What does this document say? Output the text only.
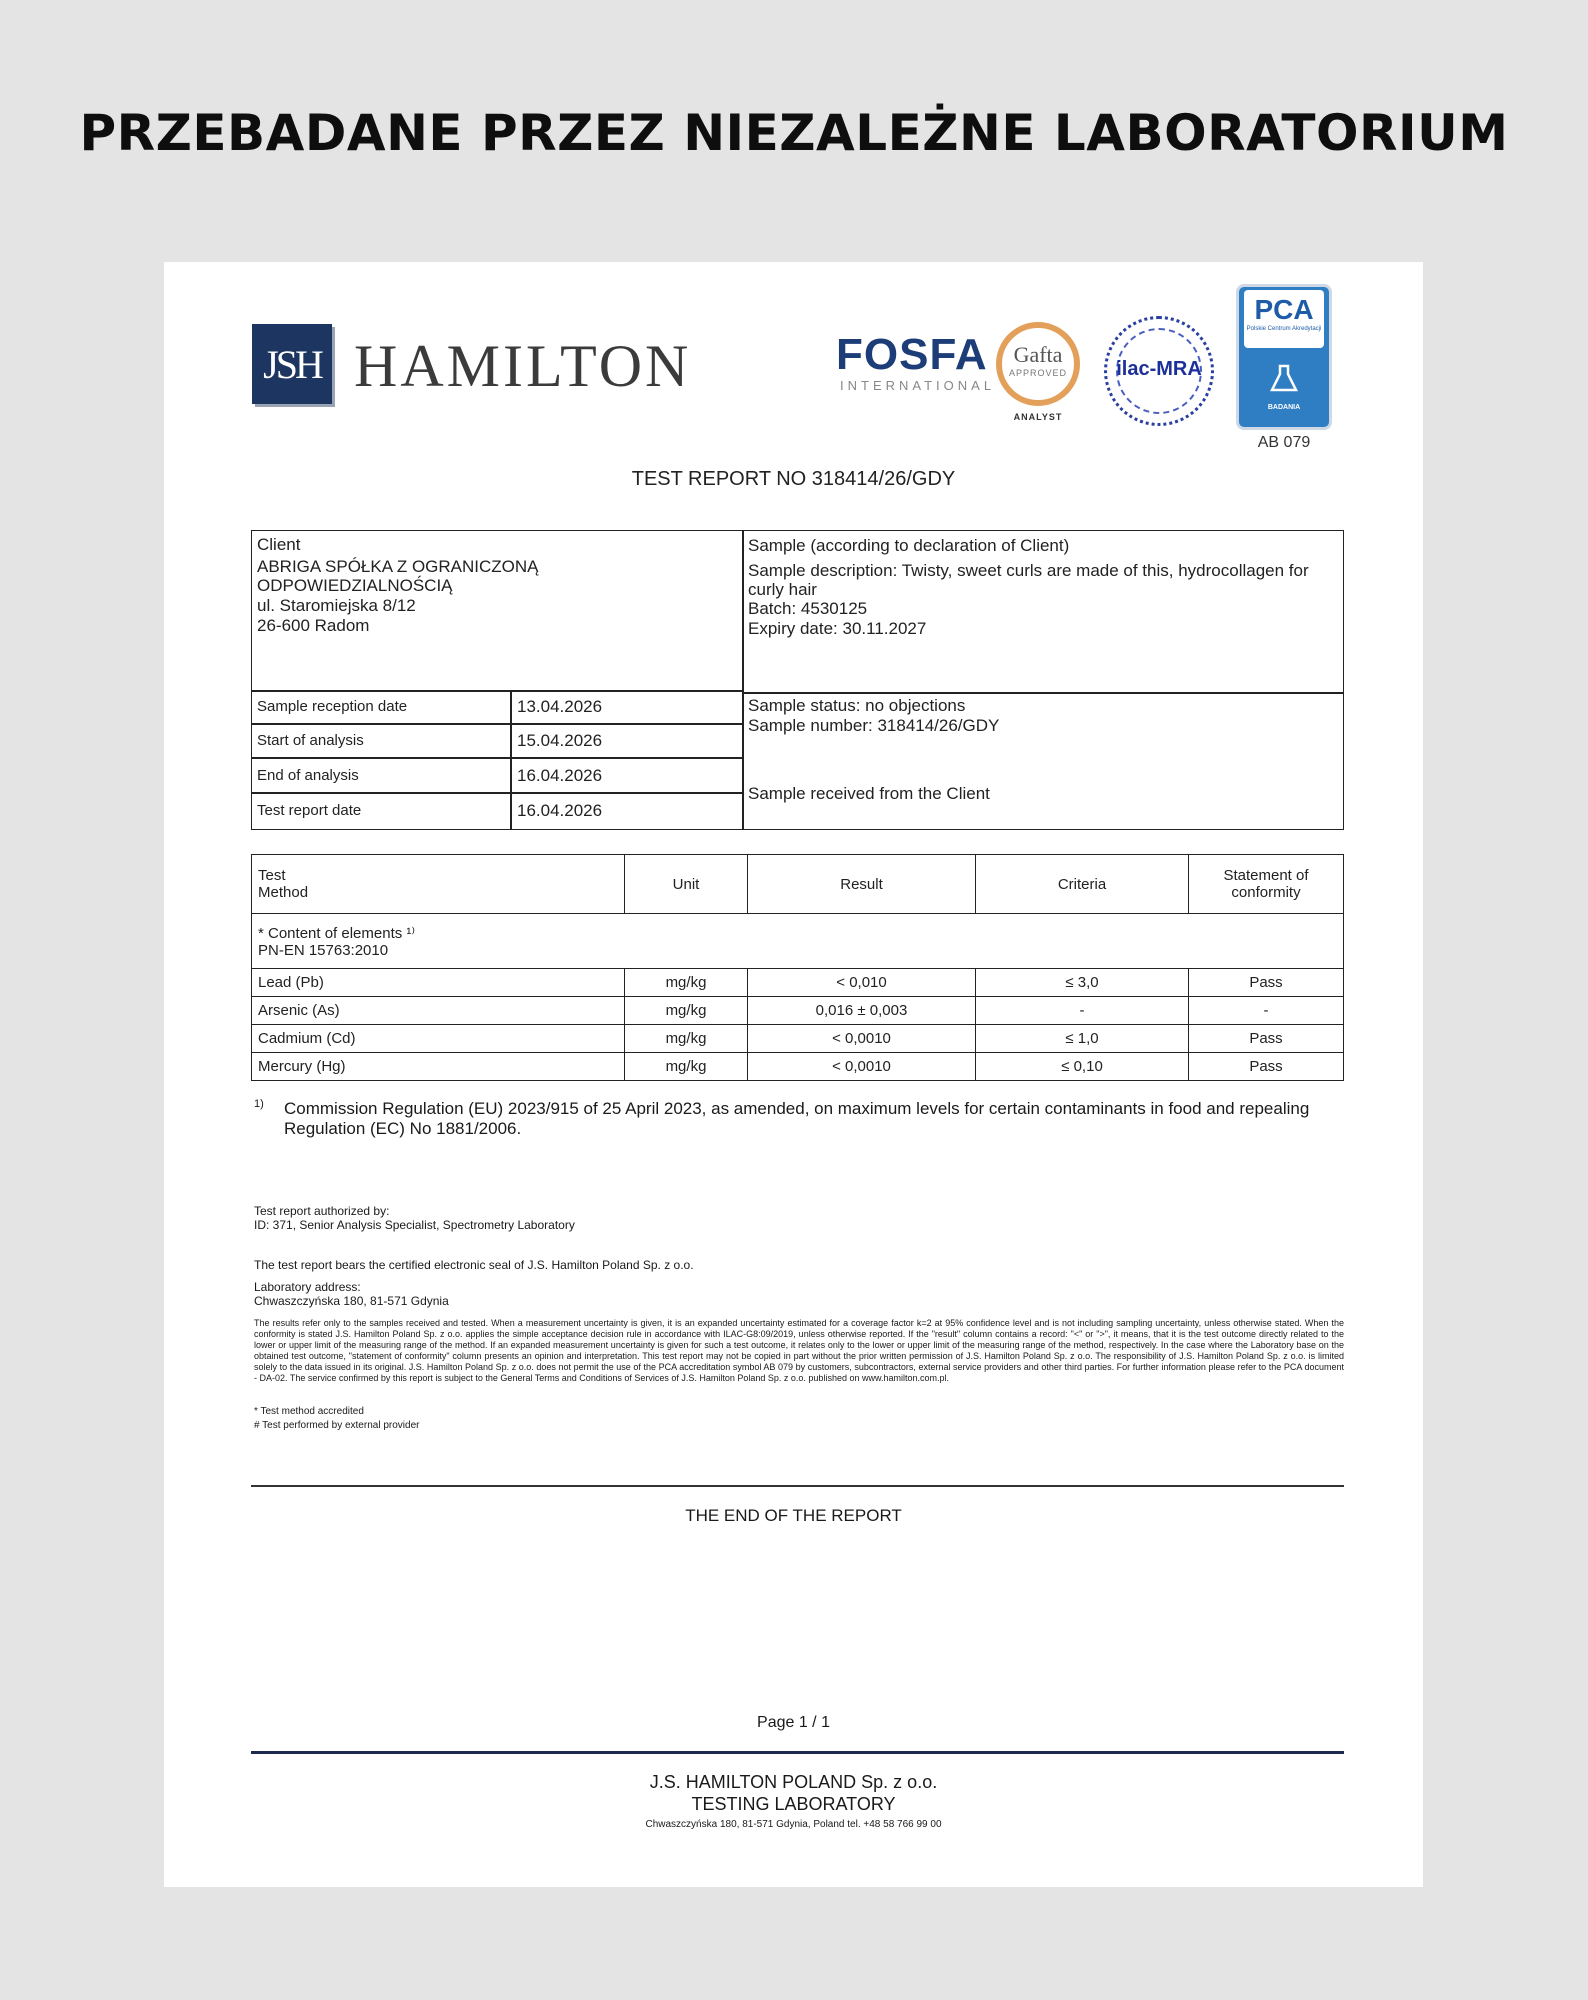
PRZEBADANE PRZEZ NIEZALEŻNE LABORATORIUM
JSH HAMILTON	FOSFA
INTERNATIONAL
Gafta
APPROVED
ANALYST
ilac-MRA
PCA
Polskie Centrum Akredytacji
BADANIA
AB 079
TEST REPORT NO 318414/26/GDY
Client
ABRIGA SPÓŁKA Z OGRANICZONĄ
ODPOWIEDZIALNOŚCIĄ
ul. Staromiejska 8/12
26-600 Radom
Sample (according to declaration of Client)
Sample description: Twisty, sweet curls are made of this, hydrocollagen for
curly hair
Batch: 4530125
Expiry date: 30.11.2027
Sample status: no objections
Sample number: 318414/26/GDY
Sample received from the Client
Sample reception date	13.04.2026
Start of analysis	15.04.2026
End of analysis	16.04.2026
Test report date	16.04.2026
Test
Method	Unit	Result	Criteria	Statement of
conformity
* Content of elements ¹⁾
PN-EN 15763:2010				
Lead (Pb)	mg/kg	< 0,010	≤ 3,0	Pass
Arsenic (As)	mg/kg	0,016 ± 0,003	-	-
Cadmium (Cd)	mg/kg	< 0,0010	≤ 1,0	Pass
Mercury (Hg)	mg/kg	< 0,0010	≤ 0,10	Pass
1) Commission Regulation (EU) 2023/915 of 25 April 2023, as amended, on maximum levels for certain contaminants in food and repealing Regulation (EC) No 1881/2006.
Test report authorized by:
ID: 371, Senior Analysis Specialist, Spectrometry Laboratory
The test report bears the certified electronic seal of J.S. Hamilton Poland Sp. z o.o.
Laboratory address:
Chwaszczyńska 180, 81-571 Gdynia
The results refer only to the samples received and tested. When a measurement uncertainty is given, it is an expanded uncertainty estimated for a coverage factor k=2 at 95% confidence level and is not including sampling uncertainty, unless otherwise stated. When the conformity is stated J.S. Hamilton Poland Sp. z o.o. applies the simple acceptance decision rule in accordance with ILAC-G8:09/2019, unless otherwise reported. If the "result" column contains a record: "<" or ">", it means, that it is the test outcome directly related to the lower or upper limit of the measuring range of the method. If an expanded measurement uncertainty is given for such a test outcome, it relates only to the lower or upper limit of the measuring range of the method, respectively. In the case where the Laboratory base on the obtained test outcome, "statement of conformity" column presents an opinion and interpretation. This test report may not be copied in part without the prior written permission of J.S. Hamilton Poland Sp. z o.o. The responsibility of J.S. Hamilton Poland Sp. z o.o. is limited solely to the data issued in its original. J.S. Hamilton Poland Sp. z o.o. does not permit the use of the PCA accreditation symbol AB 079 by customers, subcontractors, external service providers and other third parties. For further information please refer to the PCA document - DA-02. The service confirmed by this report is subject to the General Terms and Conditions of Services of J.S. Hamilton Poland Sp. z o.o. published on www.hamilton.com.pl.
* Test method accredited
# Test performed by external provider
THE END OF THE REPORT
Page 1 / 1
J.S. HAMILTON POLAND Sp. z o.o.
TESTING LABORATORY
Chwaszczyńska 180, 81-571 Gdynia, Poland tel. +48 58 766 99 00
